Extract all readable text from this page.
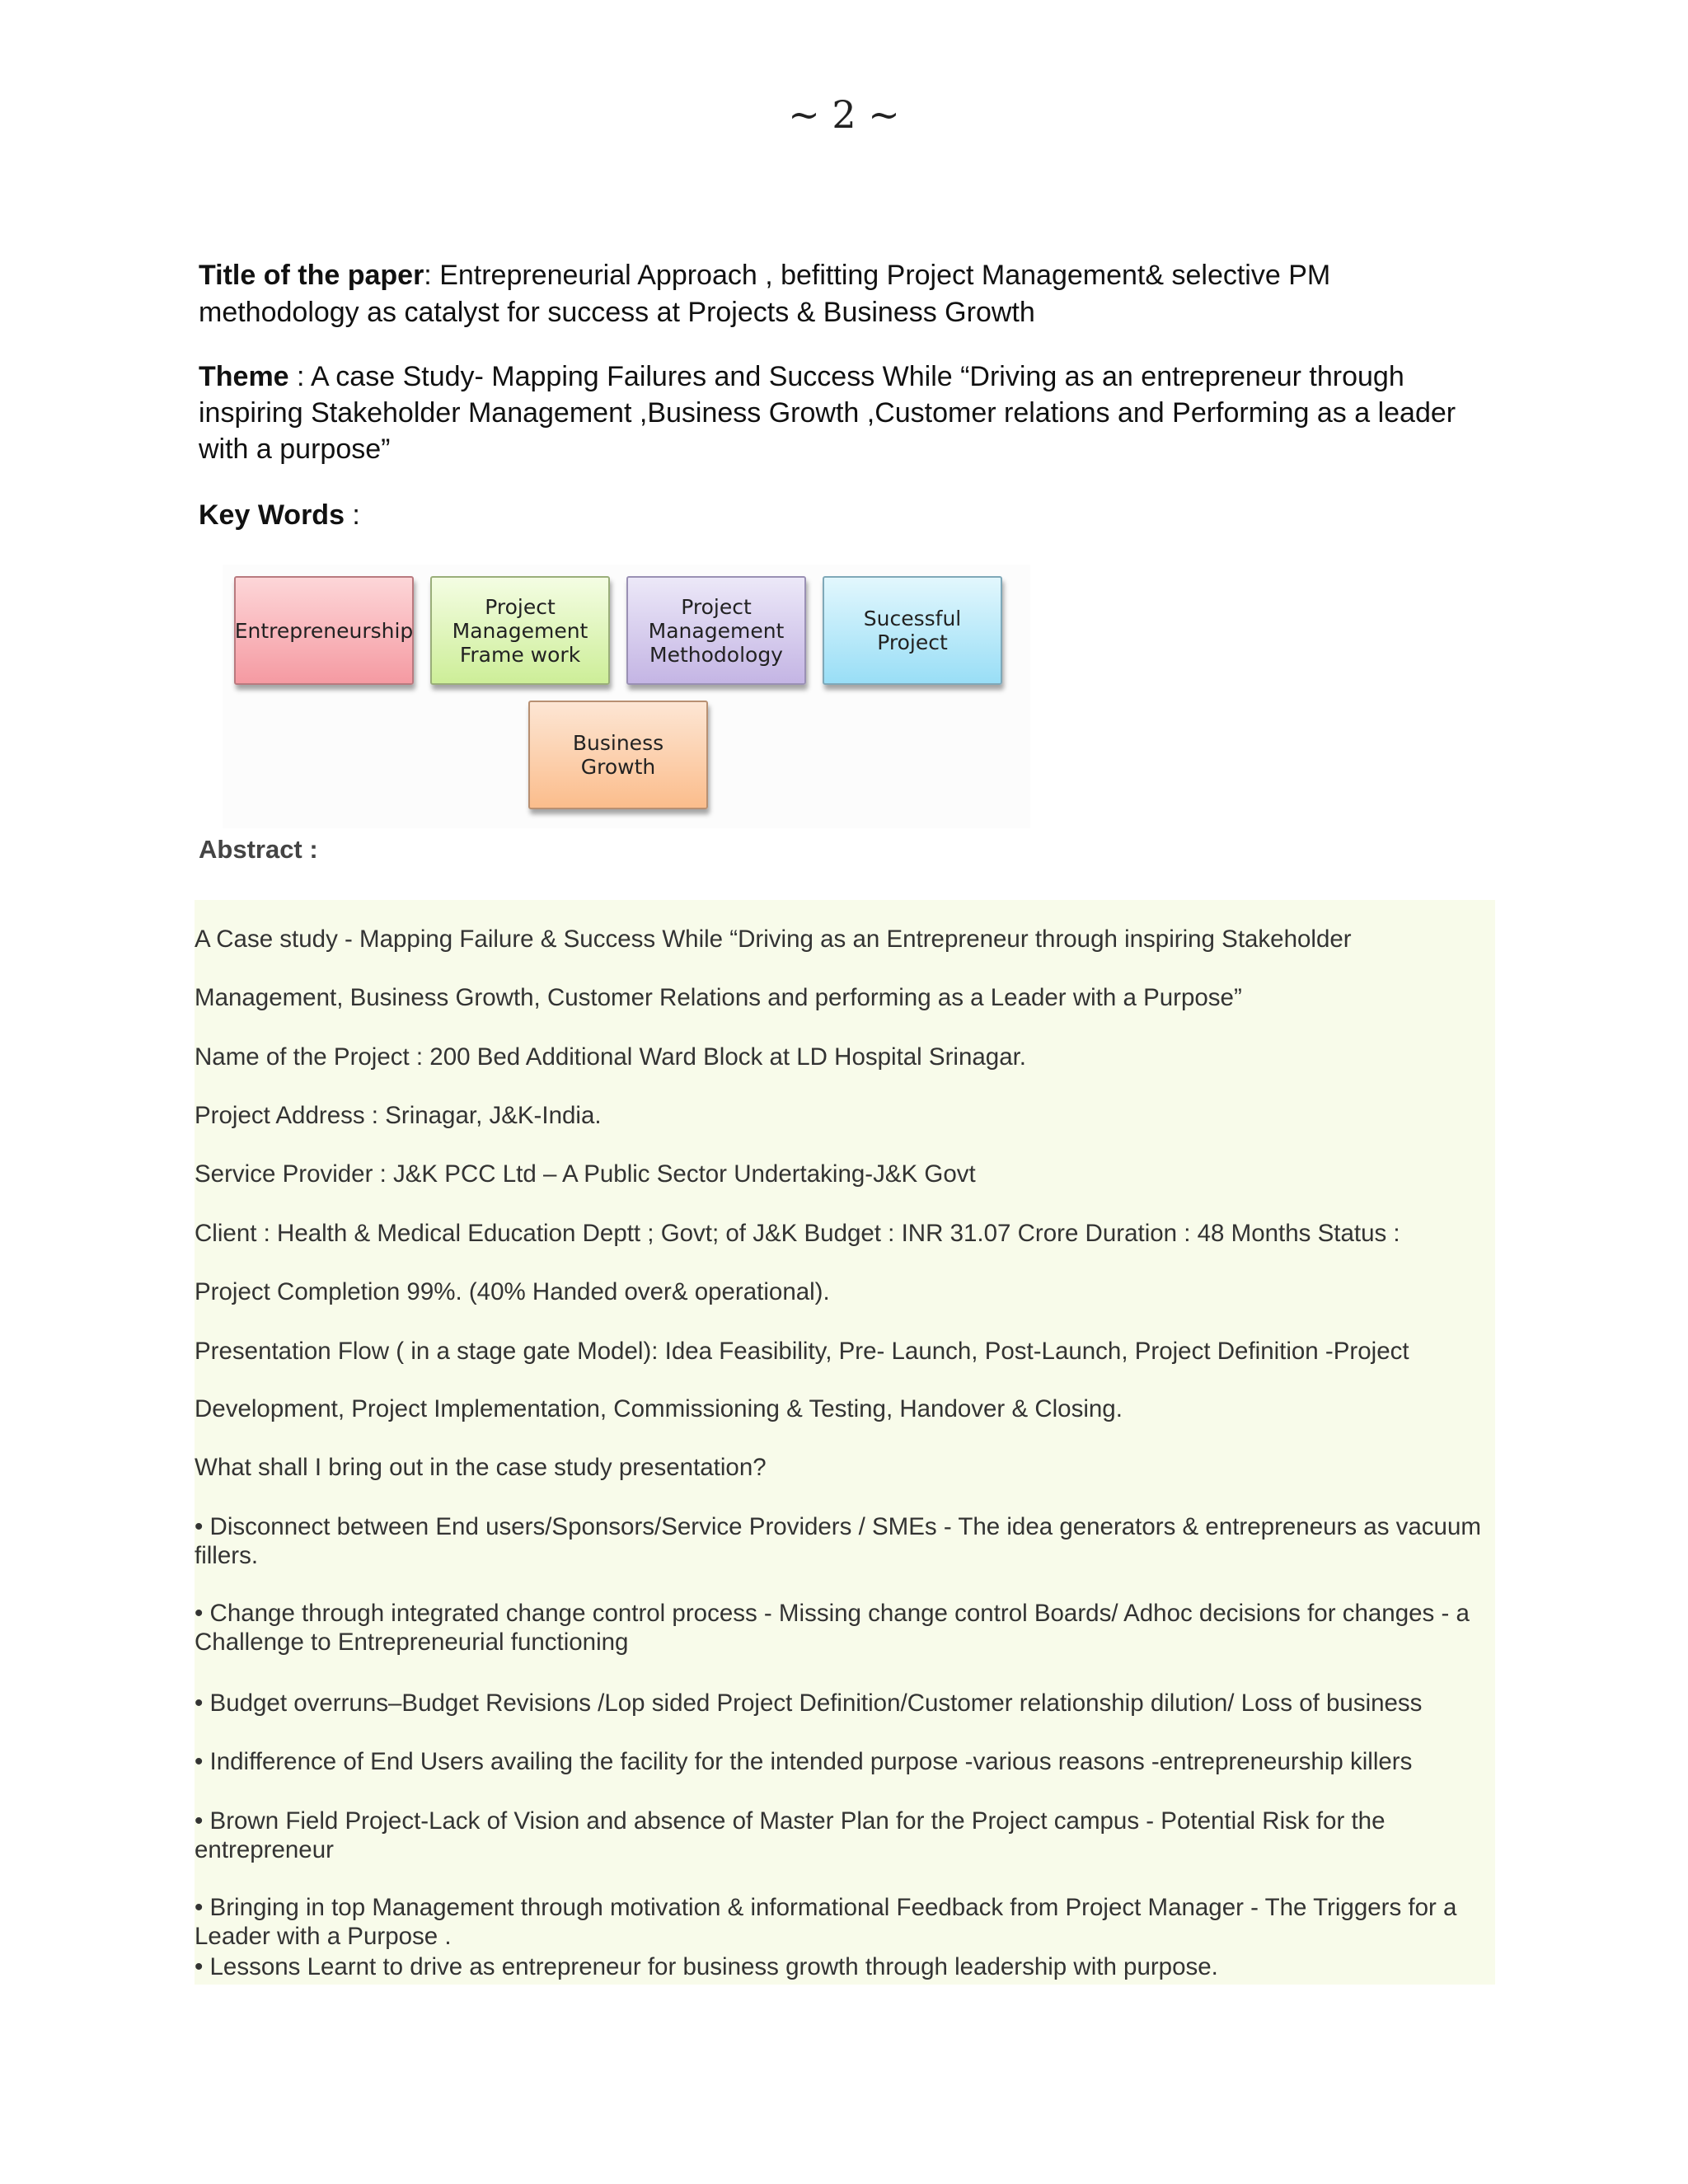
~ 2 ~
Title of the paper: Entrepreneurial Approach , befitting Project Management& selective PM methodology as catalyst for success at Projects & Business Growth
Theme : A case Study- Mapping Failures and Success While “Driving as an entrepreneur through inspiring Stakeholder Management ,Business Growth ,Customer relations and Performing as a leader with a purpose”
Key Words :
Entrepreneurship
Project Management Frame work
Project Management Methodology
Sucessful Project
Business Growth
Abstract :
A Case study - Mapping Failure & Success While “Driving as an Entrepreneur through inspiring Stakeholder
Management, Business Growth, Customer Relations and performing as a Leader with a Purpose”
Name of the Project : 200 Bed Additional Ward Block at LD Hospital Srinagar.
Project Address : Srinagar, J&K-India.
Service Provider : J&K PCC Ltd – A Public Sector Undertaking-J&K Govt
Client : Health & Medical Education Deptt ; Govt; of J&K Budget : INR 31.07 Crore Duration : 48 Months Status :
Project Completion 99%. (40% Handed over& operational).
Presentation Flow ( in a stage gate Model): Idea Feasibility, Pre- Launch, Post-Launch, Project Definition -Project
Development, Project Implementation, Commissioning & Testing, Handover & Closing.
What shall I bring out in the case study presentation?
• Disconnect between End users/Sponsors/Service Providers / SMEs - The idea generators & entrepreneurs as vacuum fillers.
• Change through integrated change control process - Missing change control Boards/ Adhoc decisions for changes - a Challenge to Entrepreneurial functioning
• Budget overruns–Budget Revisions /Lop sided Project Definition/Customer relationship dilution/ Loss of business
• Indifference of End Users availing the facility for the intended purpose -various reasons -entrepreneurship killers
• Brown Field Project-Lack of Vision and absence of Master Plan for the Project campus - Potential Risk for the entrepreneur
• Bringing in top Management through motivation & informational Feedback from Project Manager - The Triggers for a Leader with a Purpose .
• Lessons Learnt to drive as entrepreneur for business growth through leadership with purpose.
